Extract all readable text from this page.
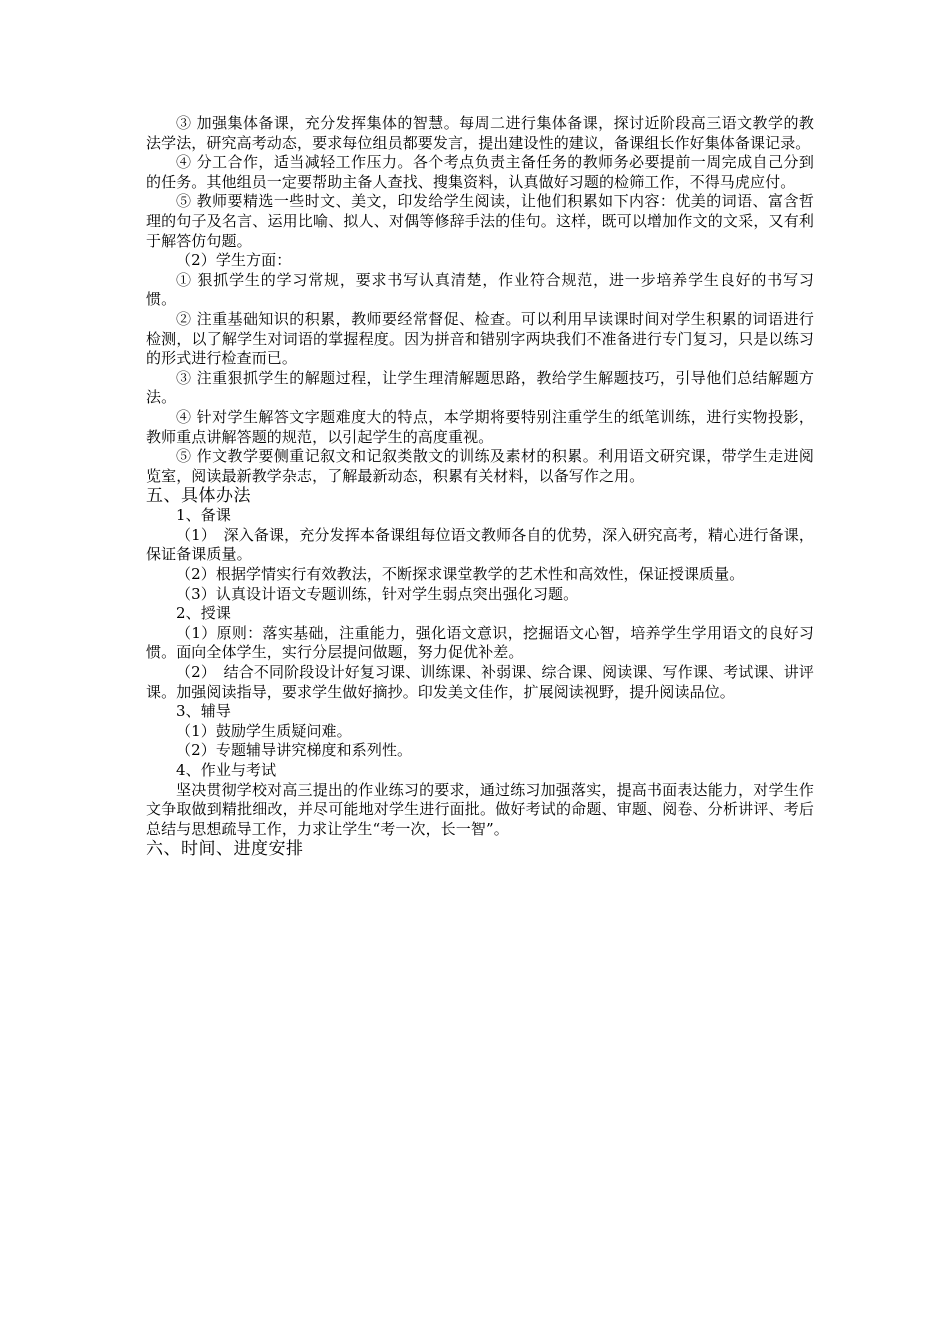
③ 加强集体备课，充分发挥集体的智慧。每周二进行集体备课，探讨近阶段高三语文教学的教法学法，研究高考动态，要求每位组员都要发言，提出建设性的建议，备课组长作好集体备课记录。

④ 分工合作，适当减轻工作压力。各个考点负责主备任务的教师务必要提前一周完成自己分到的任务。其他组员一定要帮助主备人查找、搜集资料，认真做好习题的检筛工作，不得马虎应付。

⑤ 教师要精选一些时文、美文，印发给学生阅读，让他们积累如下内容：优美的词语、富含哲理的句子及名言、运用比喻、拟人、对偶等修辞手法的佳句。这样，既可以增加作文的文采，又有利于解答仿句题。

（2）学生方面：

① 狠抓学生的学习常规，要求书写认真清楚，作业符合规范，进一步培养学生良好的书写习惯。

② 注重基础知识的积累，教师要经常督促、检查。可以利用早读课时间对学生积累的词语进行检测，以了解学生对词语的掌握程度。因为拼音和错别字两块我们不准备进行专门复习，只是以练习的形式进行检查而已。

③ 注重狠抓学生的解题过程，让学生理清解题思路，教给学生解题技巧，引导他们总结解题方法。

④ 针对学生解答文字题难度大的特点，本学期将要特别注重学生的纸笔训练，进行实物投影，教师重点讲解答题的规范，以引起学生的高度重视。

⑤ 作文教学要侧重记叙文和记叙类散文的训练及素材的积累。利用语文研究课，带学生走进阅览室，阅读最新教学杂志，了解最新动态，积累有关材料，以备写作之用。

五、具体办法

1、备课

（1）　深入备课，充分发挥本备课组每位语文教师各自的优势，深入研究高考，精心进行备课，保证备课质量。

（2）根据学情实行有效教法，不断探求课堂教学的艺术性和高效性，保证授课质量。

（3）认真设计语文专题训练，针对学生弱点突出强化习题。

2、授课

（1）原则：落实基础，注重能力，强化语文意识，挖掘语文心智，培养学生学用语文的良好习惯。面向全体学生，实行分层提问做题，努力促优补差。

（2）　结合不同阶段设计好复习课、训练课、补弱课、综合课、阅读课、写作课、考试课、讲评课。加强阅读指导，要求学生做好摘抄。印发美文佳作，扩展阅读视野，提升阅读品位。

3、辅导

（1）鼓励学生质疑问难。

（2）专题辅导讲究梯度和系列性。

4、作业与考试

坚决贯彻学校对高三提出的作业练习的要求，通过练习加强落实，提高书面表达能力，对学生作文争取做到精批细改，并尽可能地对学生进行面批。做好考试的命题、审题、阅卷、分析讲评、考后总结与思想疏导工作，力求让学生“考一次，长一智”。

六、时间、进度安排
